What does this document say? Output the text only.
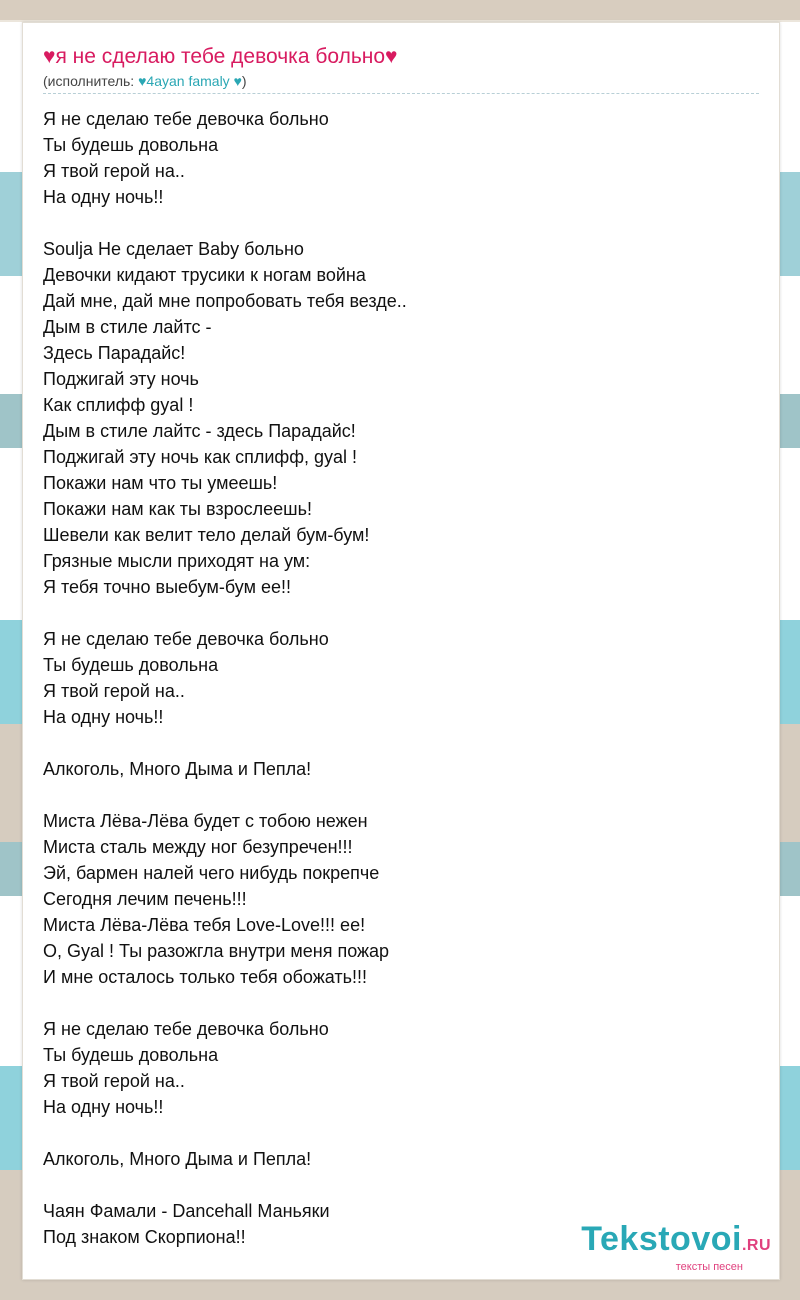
♥я не сделаю тебе девочка больно♥
(исполнитель: ♥4ayan famaly ♥)
Я не сделаю тебе девочка больно
Ты будешь довольна
Я твой герой на..
На одну ночь!!
Soulja Не сделает Baby больно
Девочки кидают трусики к ногам война
Дай мне, дай мне попробовать тебя везде..
Дым в стиле лайтс -
Здесь Парадайс!
Поджигай эту ночь
Как сплифф gyal !
Дым в стиле лайтс - здесь Парадайс!
Поджигай эту ночь как сплифф, gyal !
Покажи нам что ты умеешь!
Покажи нам как ты взрослеешь!
Шевели как велит тело делай бум-бум!
Грязные мысли приходят на ум:
Я тебя точно выебум-бум ее!!
Я не сделаю тебе девочка больно
Ты будешь довольна
Я твой герой на..
На одну ночь!!
Алкоголь, Много Дыма и Пепла!
Миста Лёва-Лёва будет с тобою нежен
Миста сталь между ног безупречен!!!
Эй, бармен налей чего нибудь покрепче
Сегодня лечим печень!!!
Миста Лёва-Лёва тебя Love-Love!!! ее!
O, Gyal ! Ты разожгла внутри меня пожар
И мне осталось только тебя обожать!!!
Я не сделаю тебе девочка больно
Ты будешь довольна
Я твой герой на..
На одну ночь!!
Алкоголь, Много Дыма и Пепла!
Чаян Фамали - Dancehall Маньяки
Под знаком Скорпиона!!	Tekstovoi.RU
тексты песен
